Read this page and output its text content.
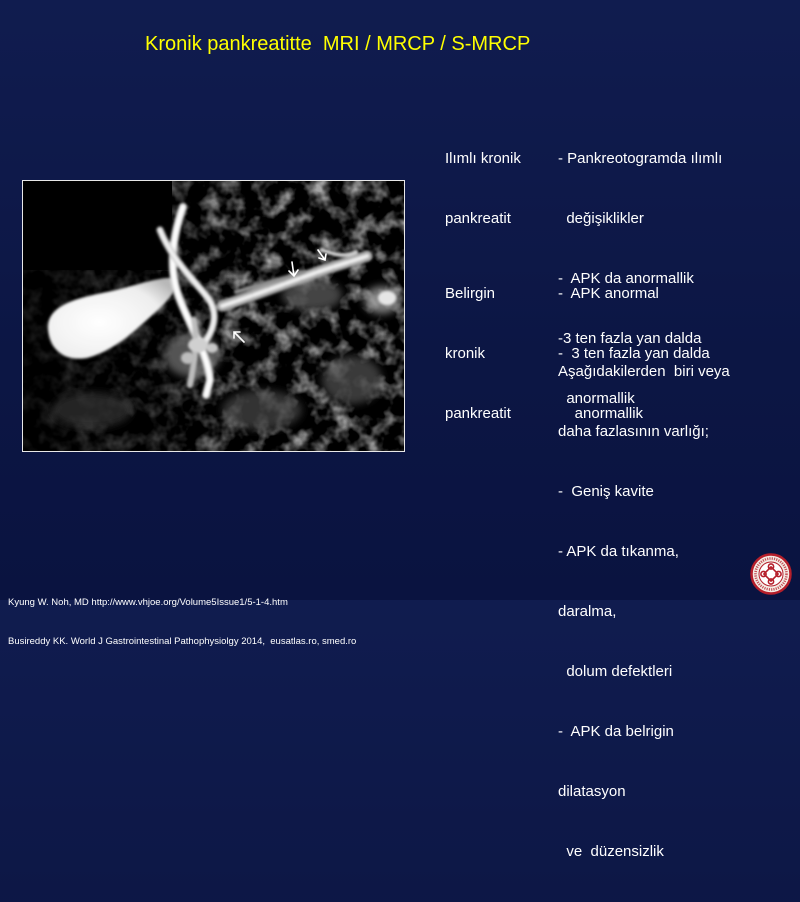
Kronik pankreatitte  MRI / MRCP / S-MRCP

Ilımlı kronik

pankreatit

- Pankreotogramda ılımlı

değişiklikler

-  APK da anormallik

-3 ten fazla yan dalda

anormallik

Belirgin

kronik

pankreatit

-  APK anormal

-  3 ten fazla yan dalda

anormallik

Aşağıdakilerden  biri veya

daha fazlasının varlığı;

-  Geniş kavite

- APK da tıkanma,

daralma,

dolum defektleri

-  APK da belrigin

dilatasyon

ve  düzensizlik

Kyung W. Noh, MD http://www.vhjoe.org/Volume5Issue1/5-1-4.htm

Busireddy KK. World J Gastrointestinal Pathophysiolgy 2014,  eusatlas.ro, smed.ro
